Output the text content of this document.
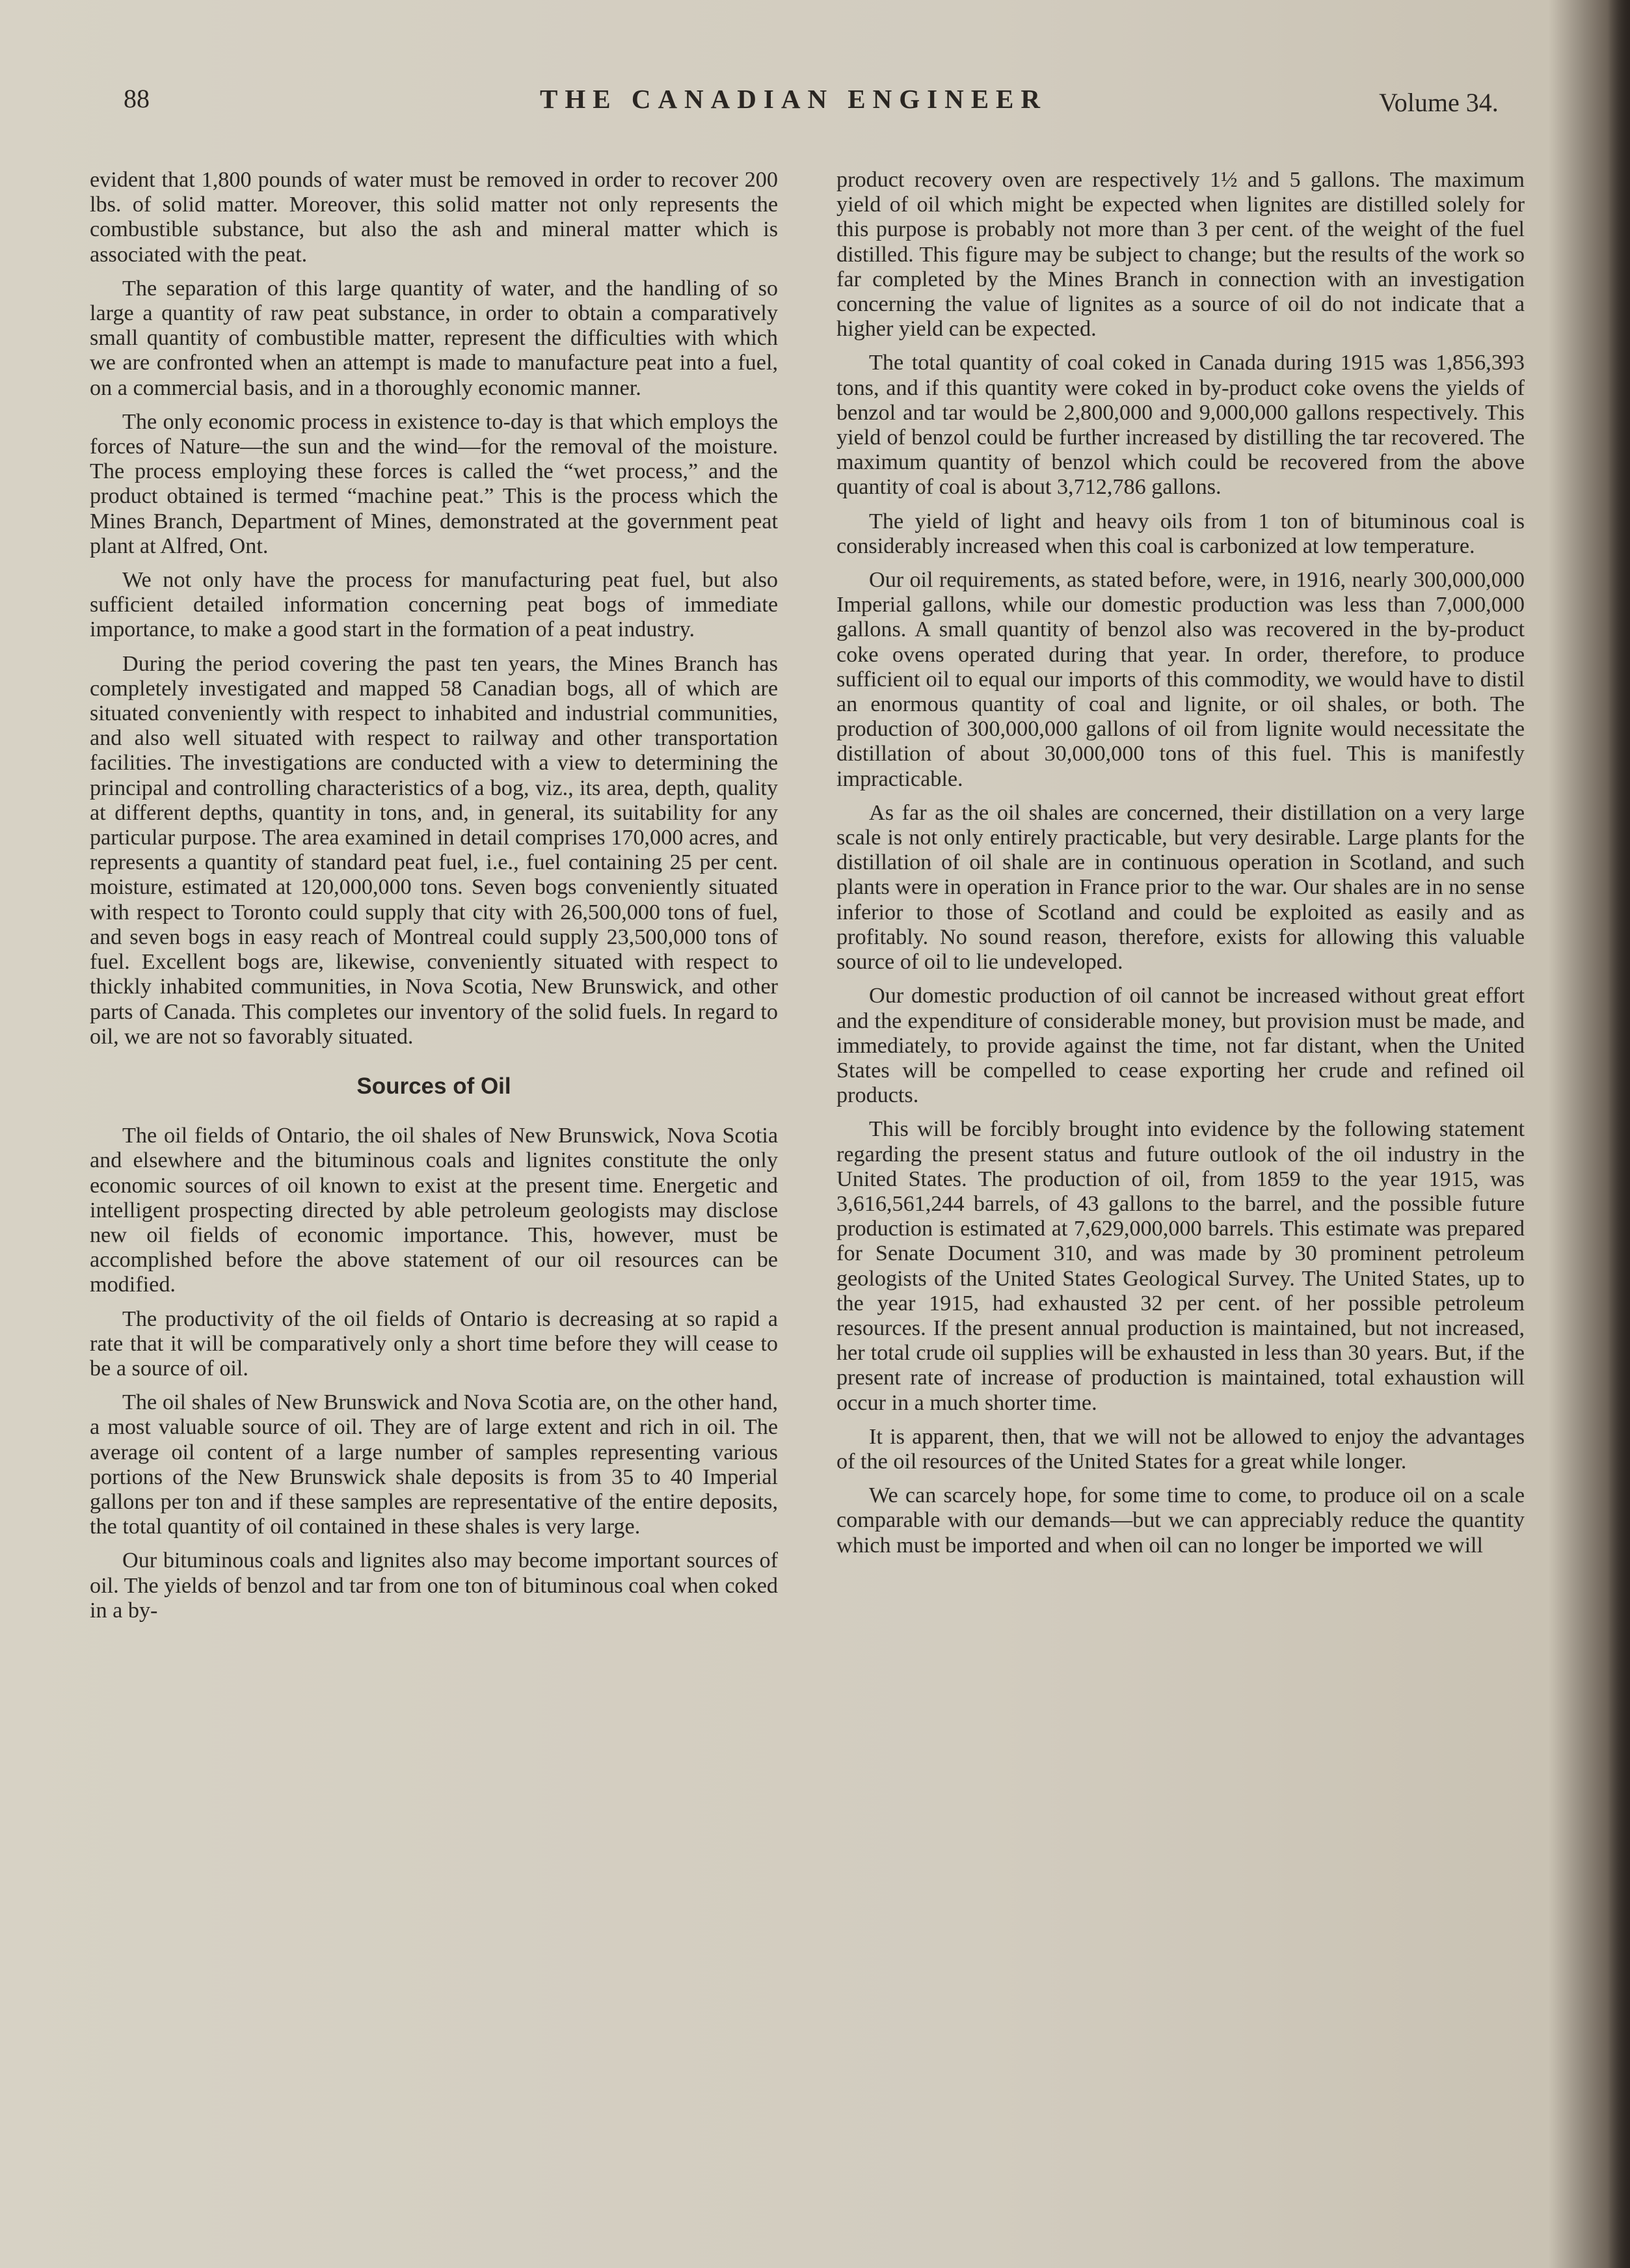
88	THE CANADIAN ENGINEER	Volume 34.

evident that 1,800 pounds of water must be removed in order to recover 200 lbs. of solid matter. Moreover, this solid matter not only represents the combustible substance, but also the ash and mineral matter which is associated with the peat.

The separation of this large quantity of water, and the handling of so large a quantity of raw peat substance, in order to obtain a comparatively small quantity of combustible matter, represent the difficulties with which we are confronted when an attempt is made to manufacture peat into a fuel, on a commercial basis, and in a thoroughly economic manner.

The only economic process in existence to-day is that which employs the forces of Nature—the sun and the wind—for the removal of the moisture. The process employing these forces is called the “wet process,” and the product obtained is termed “machine peat.” This is the process which the Mines Branch, Department of Mines, demonstrated at the government peat plant at Alfred, Ont.

We not only have the process for manufacturing peat fuel, but also sufficient detailed information concerning peat bogs of immediate importance, to make a good start in the formation of a peat industry.

During the period covering the past ten years, the Mines Branch has completely investigated and mapped 58 Canadian bogs, all of which are situated conveniently with respect to inhabited and industrial communities, and also well situated with respect to railway and other transportation facilities. The investigations are conducted with a view to determining the principal and controlling characteristics of a bog, viz., its area, depth, quality at different depths, quantity in tons, and, in general, its suitability for any particular purpose. The area examined in detail comprises 170,000 acres, and represents a quantity of standard peat fuel, i.e., fuel containing 25 per cent. moisture, estimated at 120,000,000 tons. Seven bogs conveniently situated with respect to Toronto could supply that city with 26,500,000 tons of fuel, and seven bogs in easy reach of Montreal could supply 23,500,000 tons of fuel. Excellent bogs are, likewise, conveniently situated with respect to thickly inhabited communities, in Nova Scotia, New Brunswick, and other parts of Canada. This completes our inventory of the solid fuels. In regard to oil, we are not so favorably situated.

Sources of Oil

The oil fields of Ontario, the oil shales of New Brunswick, Nova Scotia and elsewhere and the bituminous coals and lignites constitute the only economic sources of oil known to exist at the present time. Energetic and intelligent prospecting directed by able petroleum geologists may disclose new oil fields of economic importance. This, however, must be accomplished before the above statement of our oil resources can be modified.

The productivity of the oil fields of Ontario is decreasing at so rapid a rate that it will be comparatively only a short time before they will cease to be a source of oil.

The oil shales of New Brunswick and Nova Scotia are, on the other hand, a most valuable source of oil. They are of large extent and rich in oil. The average oil content of a large number of samples representing various portions of the New Brunswick shale deposits is from 35 to 40 Imperial gallons per ton and if these samples are representative of the entire deposits, the total quantity of oil contained in these shales is very large.

Our bituminous coals and lignites also may become important sources of oil. The yields of benzol and tar from one ton of bituminous coal when coked in a by-

product recovery oven are respectively 1½ and 5 gallons. The maximum yield of oil which might be expected when lignites are distilled solely for this purpose is probably not more than 3 per cent. of the weight of the fuel distilled. This figure may be subject to change; but the results of the work so far completed by the Mines Branch in connection with an investigation concerning the value of lignites as a source of oil do not indicate that a higher yield can be expected.

The total quantity of coal coked in Canada during 1915 was 1,856,393 tons, and if this quantity were coked in by-product coke ovens the yields of benzol and tar would be 2,800,000 and 9,000,000 gallons respectively. This yield of benzol could be further increased by distilling the tar recovered. The maximum quantity of benzol which could be recovered from the above quantity of coal is about 3,712,786 gallons.

The yield of light and heavy oils from 1 ton of bituminous coal is considerably increased when this coal is carbonized at low temperature.

Our oil requirements, as stated before, were, in 1916, nearly 300,000,000 Imperial gallons, while our domestic production was less than 7,000,000 gallons. A small quantity of benzol also was recovered in the by-product coke ovens operated during that year. In order, therefore, to produce sufficient oil to equal our imports of this commodity, we would have to distil an enormous quantity of coal and lignite, or oil shales, or both. The production of 300,000,000 gallons of oil from lignite would necessitate the distillation of about 30,000,000 tons of this fuel. This is manifestly impracticable.

As far as the oil shales are concerned, their distillation on a very large scale is not only entirely practicable, but very desirable. Large plants for the distillation of oil shale are in continuous operation in Scotland, and such plants were in operation in France prior to the war. Our shales are in no sense inferior to those of Scotland and could be exploited as easily and as profitably. No sound reason, therefore, exists for allowing this valuable source of oil to lie undeveloped.

Our domestic production of oil cannot be increased without great effort and the expenditure of considerable money, but provision must be made, and immediately, to provide against the time, not far distant, when the United States will be compelled to cease exporting her crude and refined oil products.

This will be forcibly brought into evidence by the following statement regarding the present status and future outlook of the oil industry in the United States. The production of oil, from 1859 to the year 1915, was 3,616,561,244 barrels, of 43 gallons to the barrel, and the possible future production is estimated at 7,629,000,000 barrels. This estimate was prepared for Senate Document 310, and was made by 30 prominent petroleum geologists of the United States Geological Survey. The United States, up to the year 1915, had exhausted 32 per cent. of her possible petroleum resources. If the present annual production is maintained, but not increased, her total crude oil supplies will be exhausted in less than 30 years. But, if the present rate of increase of production is maintained, total exhaustion will occur in a much shorter time.

It is apparent, then, that we will not be allowed to enjoy the advantages of the oil resources of the United States for a great while longer.

We can scarcely hope, for some time to come, to produce oil on a scale comparable with our demands—but we can appreciably reduce the quantity which must be imported and when oil can no longer be imported we will
